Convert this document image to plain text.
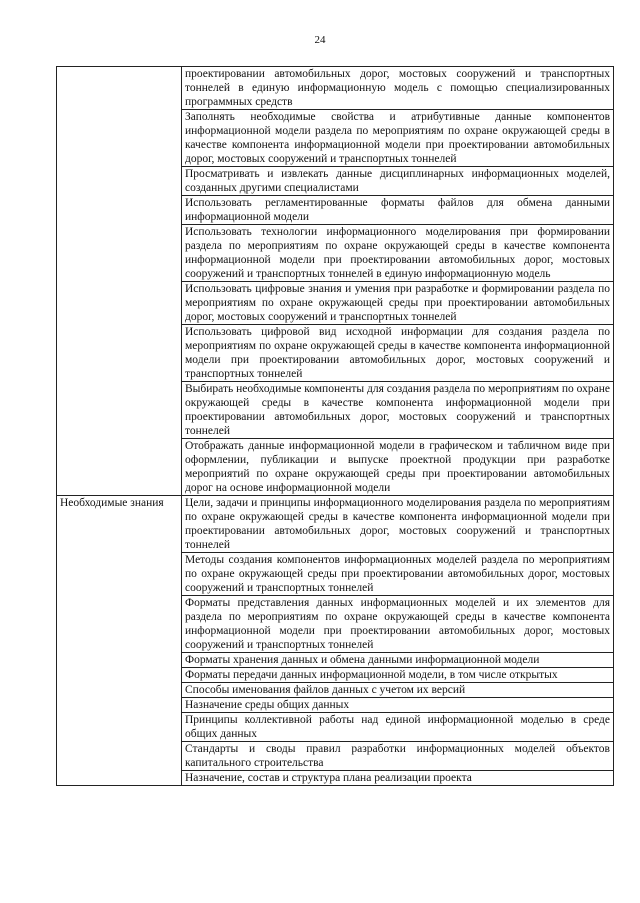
24
	проектировании автомобильных дорог, мостовых сооружений и транспортных тоннелей в единую информационную модель с помощью специализированных программных средств
	Заполнять необходимые свойства и атрибутивные данные компонентов информационной модели раздела по мероприятиям по охране окружающей среды в качестве компонента информационной модели при проектировании автомобильных дорог, мостовых сооружений и транспортных тоннелей
	Просматривать и извлекать данные дисциплинарных информационных моделей, созданных другими специалистами
	Использовать регламентированные форматы файлов для обмена данными информационной модели
	Использовать технологии информационного моделирования при формировании раздела по мероприятиям по охране окружающей среды в качестве компонента информационной модели при проектировании автомобильных дорог, мостовых сооружений и транспортных тоннелей в единую информационную модель
	Использовать цифровые знания и умения при разработке и формировании раздела по мероприятиям по охране окружающей среды при проектировании автомобильных дорог, мостовых сооружений и транспортных тоннелей
	Использовать цифровой вид исходной информации для создания раздела по мероприятиям по охране окружающей среды в качестве компонента информационной модели при проектировании автомобильных дорог, мостовых сооружений и транспортных тоннелей
	Выбирать необходимые компоненты для создания раздела по мероприятиям по охране окружающей среды в качестве компонента информационной модели при проектировании автомобильных дорог, мостовых сооружений и транспортных тоннелей
	Отображать данные информационной модели в графическом и табличном виде при оформлении, публикации и выпуске проектной продукции при разработке мероприятий по охране окружающей среды при проектировании автомобильных дорог на основе информационной модели
Необходимые знания	Цели, задачи и принципы информационного моделирования раздела по мероприятиям по охране окружающей среды в качестве компонента информационной модели при проектировании автомобильных дорог, мостовых сооружений и транспортных тоннелей
	Методы создания компонентов информационных моделей раздела по мероприятиям по охране окружающей среды при проектировании автомобильных дорог, мостовых сооружений и транспортных тоннелей
	Форматы представления данных информационных моделей и их элементов для раздела по мероприятиям по охране окружающей среды в качестве компонента информационной модели при проектировании автомобильных дорог, мостовых сооружений и транспортных тоннелей
	Форматы хранения данных и обмена данными информационной модели
	Форматы передачи данных информационной модели, в том числе открытых
	Способы именования файлов данных с учетом их версий
	Назначение среды общих данных
	Принципы коллективной работы над единой информационной моделью в среде общих данных
	Стандарты и своды правил разработки информационных моделей объектов капитального строительства
	Назначение, состав и структура плана реализации проекта
